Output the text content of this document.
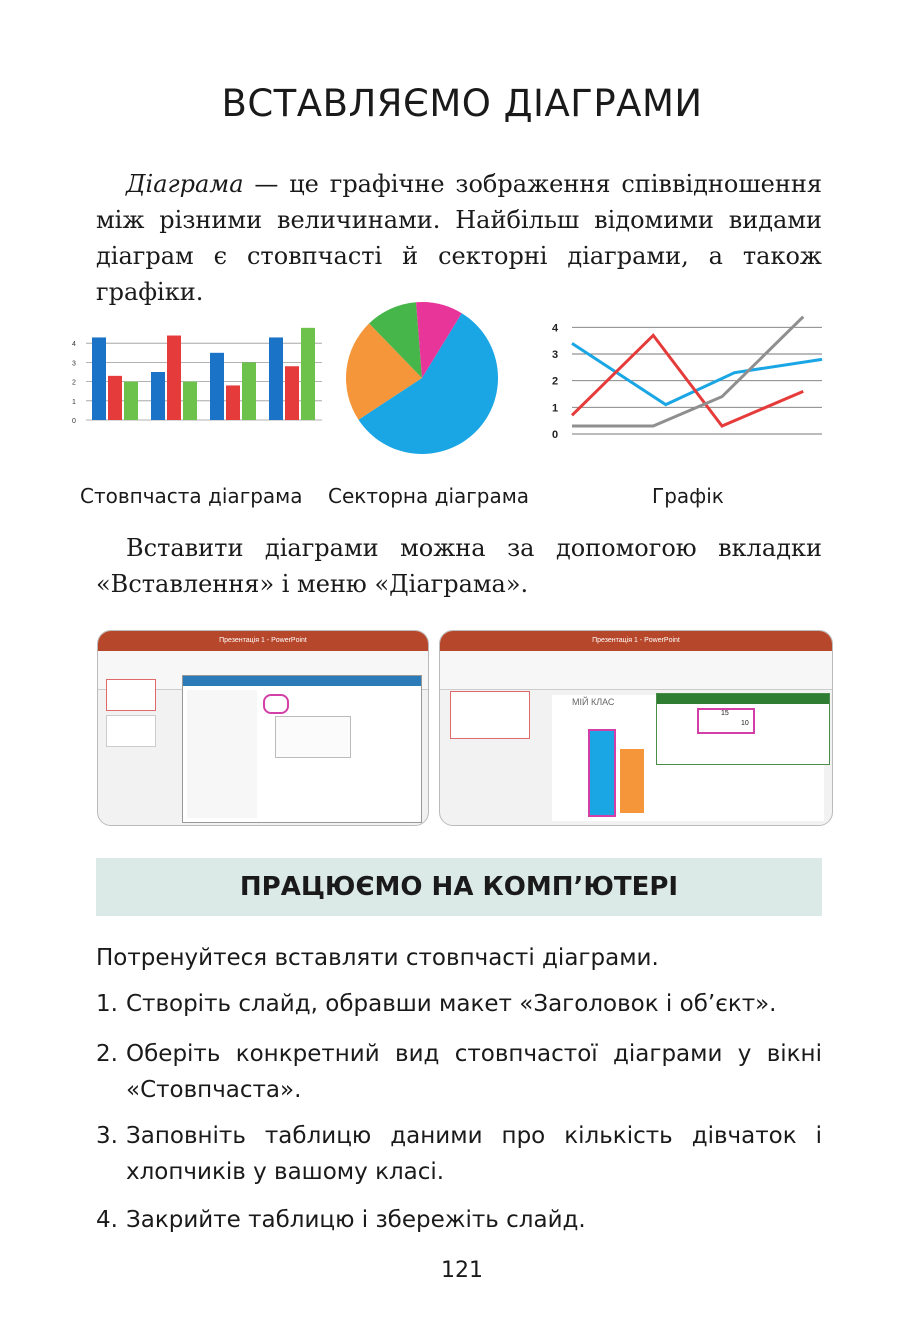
ВСТАВЛЯЄМО ДІАГРАМИ
Діаграма — це графічне зображення співвідношення між різними величинами. Найбільш відомими видами діаграм є стовпчасті й секторні діаграми, а також графіки.
0
1
2
3
4
0
1
2
3
4
Стовпчаста діаграма Секторна діаграма	Графік
Вставити діаграми можна за допомогою вкладки «Вставлення» і меню «Діаграма».
Презентація 1 - PowerPoint	Презентація 1 - PowerPoint
МІЙ КЛАС
15
10
ПРАЦЮЄМО НА КОМП’ЮТЕРІ
Потренуйтеся вставляти стовпчасті діаграми.
1. Створіть слайд, обравши макет «Заголовок і об’єкт».
2. Оберіть конкретний вид стовпчастої діаграми у вікні «Стовпчаста».
3. Заповніть таблицю даними про кількість дівчаток і хлопчиків у вашому класі.
4. Закрийте таблицю і збережіть слайд.
121
